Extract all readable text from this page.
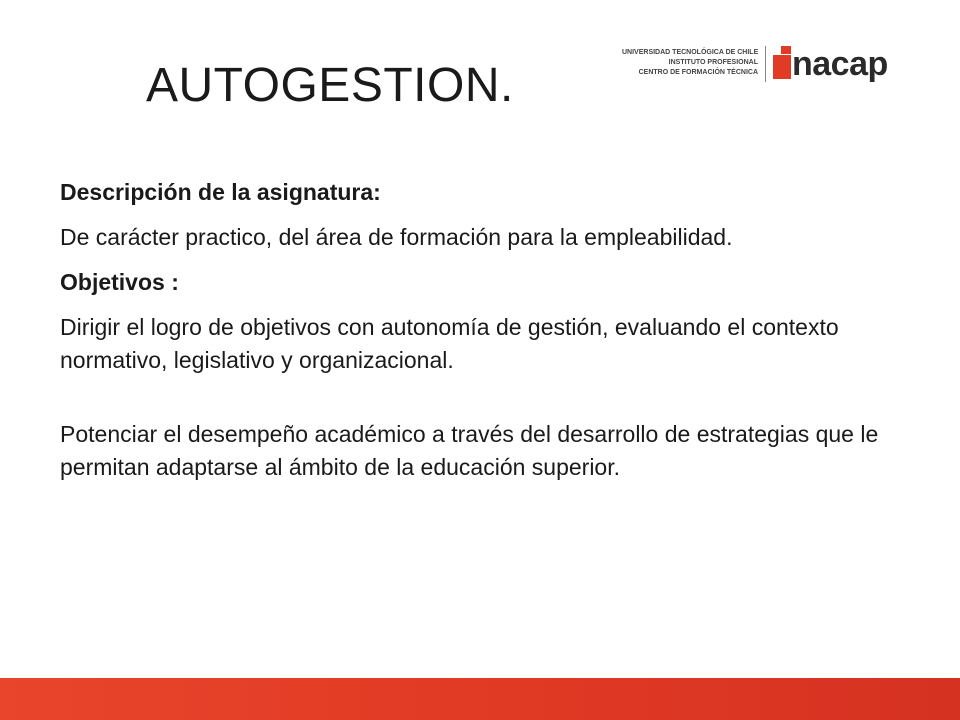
AUTOGESTION.
UNIVERSIDAD TECNOLÓGICA DE CHILE
INSTITUTO PROFESIONAL
CENTRO DE FORMACIÓN TÉCNICA nacap

Descripción de la asignatura:

De carácter practico, del área de formación para la empleabilidad.

Objetivos :

Dirigir el logro de objetivos con autonomía de gestión, evaluando el contexto normativo, legislativo y organizacional.

Potenciar el desempeño académico a través del desarrollo de estrategias que le permitan adaptarse al ámbito de la educación superior.
